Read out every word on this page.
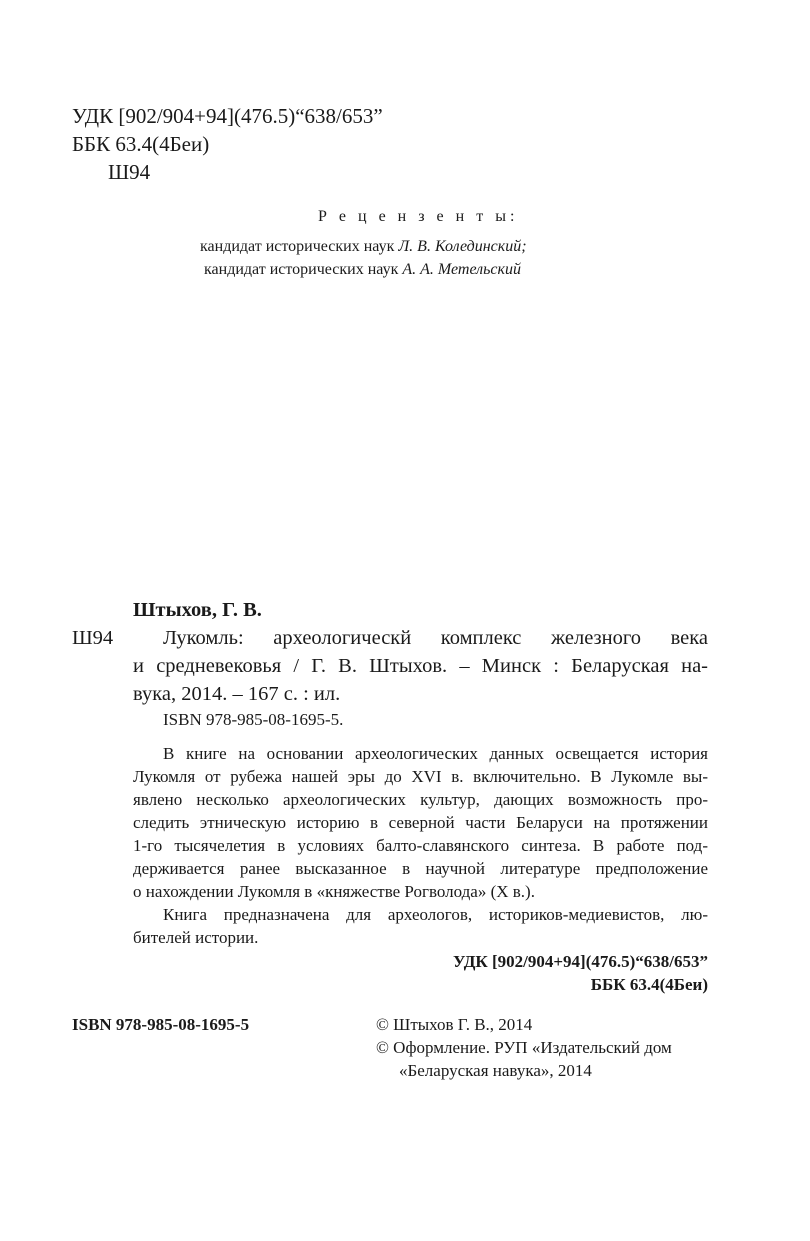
УДК [902/904+94](476.5)“638/653”
ББК 63.4(4Беи)
Ш94
Р е ц е н з е н т ы:
кандидат исторических наук Л. В. Колединский;
кандидат исторических наук А. А. Метельский
Штыхов, Г. В.
Ш94 Лукомль: археологическй комплекс железного века
и средневековья / Г. В. Штыхов. – Минск : Беларуская на-
вука, 2014. – 167 с. : ил.
ISBN 978-985-08-1695-5.
В книге на основании археологических данных освещается история
Лукомля от рубежа нашей эры до XVI в. включительно. В Лукомле вы-
явлено несколько археологических культур, дающих возможность про-
следить этническую историю в северной части Беларуси на протяжении
1-го тысячелетия в условиях балто-славянского синтеза. В работе под-
держивается ранее высказанное в научной литературе предположение
о нахождении Лукомля в «княжестве Рогволода» (X в.).
Книга предназначена для археологов, историков-медиевистов, лю-
бителей истории.
УДК [902/904+94](476.5)“638/653”
ББК 63.4(4Беи)
ISBN 978-985-08-1695-5	© Штыхов Г. В., 2014
© Оформление. РУП «Издательский дом
«Беларуская навука», 2014
